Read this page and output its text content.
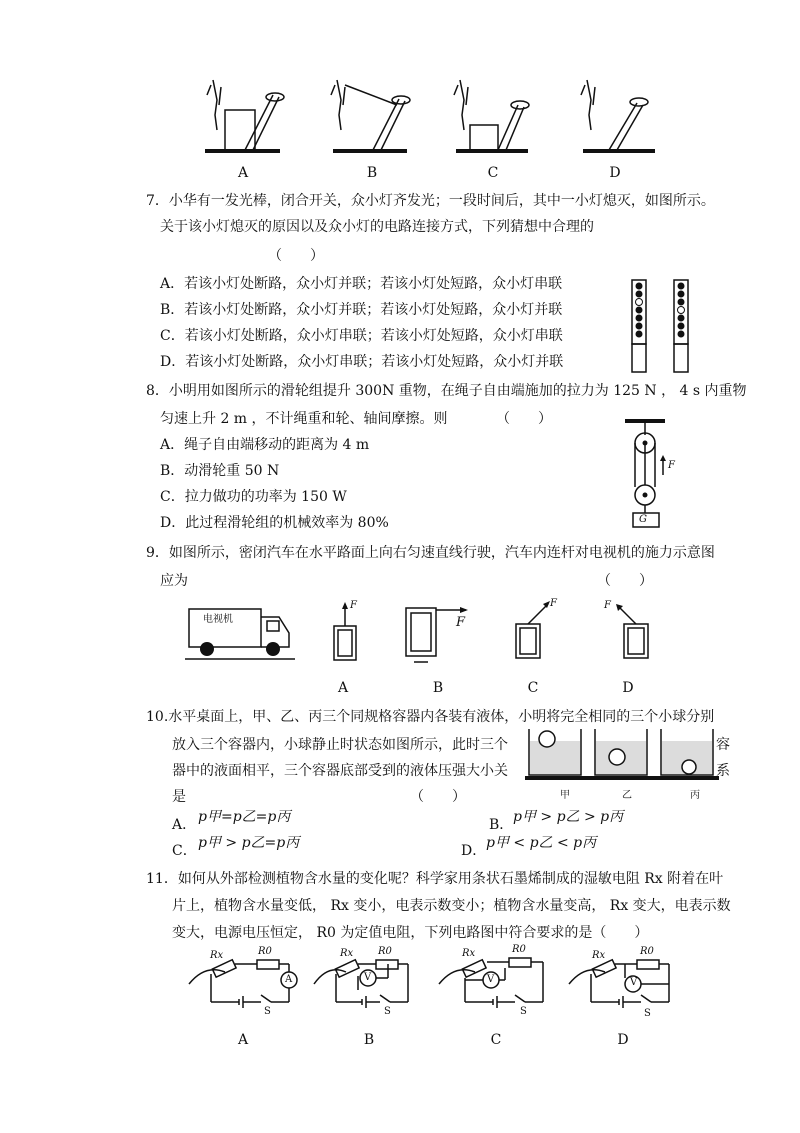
A	B	C	D
7．小华有一发光棒，闭合开关，众小灯齐发光；一段时间后，其中一小灯熄灭，如图所示。
关于该小灯熄灭的原因以及众小灯的电路连接方式，下列猜想中合理的
（　　）
A．若该小灯处断路，众小灯并联；若该小灯处短路，众小灯串联
B．若该小灯处断路，众小灯并联；若该小灯处短路，众小灯并联
C．若该小灯处断路，众小灯串联；若该小灯处短路，众小灯串联
D．若该小灯处断路，众小灯串联；若该小灯处短路，众小灯并联
8．小明用如图所示的滑轮组提升 300N 重物，在绳子自由端施加的拉力为 125 N ， 4 s 内重物
匀速上升 2 m ，不计绳重和轮、轴间摩擦。则	（　　）
A．绳子自由端移动的距离为 4 m
B．动滑轮重 50 N
C．拉力做功的功率为 150 W
D．此过程滑轮组的机械效率为 80%
F
G
9．如图所示，密闭汽车在水平路面上向右匀速直线行驶，汽车内连杆对电视机的施力示意图
应为	（　　）
电视机
F
F
F	F
A	B	C	D
10.水平桌面上，甲、乙、丙三个同规格容器内各装有液体，小明将完全相同的三个小球分别
放入三个容器内，小球静止时状态如图所示，此时三个	容
器中的液面相平，三个容器底部受到的液体压强大小关	系
是	（　　）	甲	乙	丙
A． p甲=p乙=p丙	B． p甲 > p乙 > p丙
C． p甲 > p乙=p丙	D． p甲 < p乙 < p丙
11．如何从外部检测植物含水量的变化呢？科学家用条状石墨烯制成的湿敏电阻 Rx 附着在叶
片上，植物含水量变低， Rx 变小，电表示数变小；植物含水量变高， Rx 变大，电表示数
变大，电源电压恒定， R0 为定值电阻，下列电路图中符合要求的是（　　）
A
Rx	R0
S
V
Rx R0
S
V
Rx	R0
S
V
Rx	R0
S
A	B	C	D
